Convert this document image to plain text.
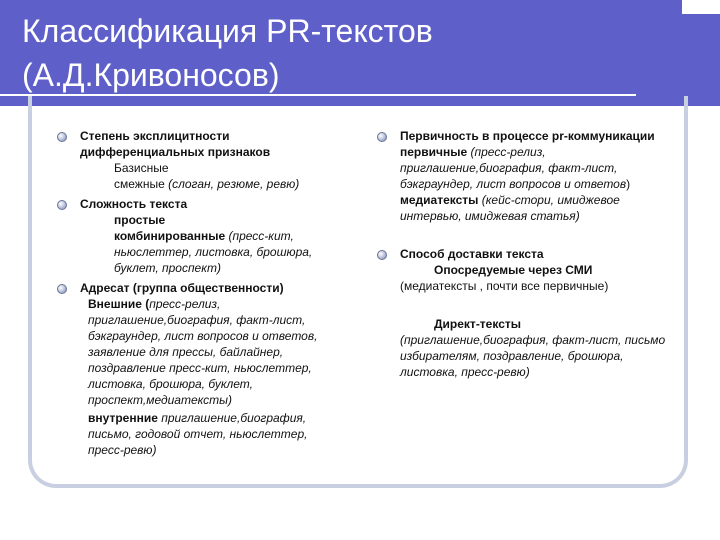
Классификация PR-текстов
(А.Д.Кривоносов)
Степень эксплицитности дифференциальных признаков
Базисные
смежные (слоган, резюме, ревю)
Сложность текста
простые
комбинированные (пресс-кит, ньюслеттер, листовка, брошюра, буклет, проспект)
Адресат (группа общественности)
Внешние (пресс-релиз, приглашение,биография, факт-лист, бэкграундер, лист вопросов и ответов, заявление для прессы, байлайнер, поздравление пресс-кит, ньюслеттер, листовка, брошюра, буклет, проспект,медиатексты)
внутренние приглашение,биография, письмо, годовой отчет, ньюслеттер, пресс-ревю)
Первичность в процессе pr-коммуникации
первичные (пресс-релиз, приглашение,биография, факт-лист, бэкграундер, лист вопросов и ответов)
медиатексты (кейс-стори, имиджевое интервью, имиджевая статья)
Способ доставки текста
Опосредуемые через СМИ
(медиатексты , почти все первичные)
Директ-тексты
(приглашение,биография, факт-лист, письмо избирателям, поздравление, брошюра, листовка, пресс-ревю)
